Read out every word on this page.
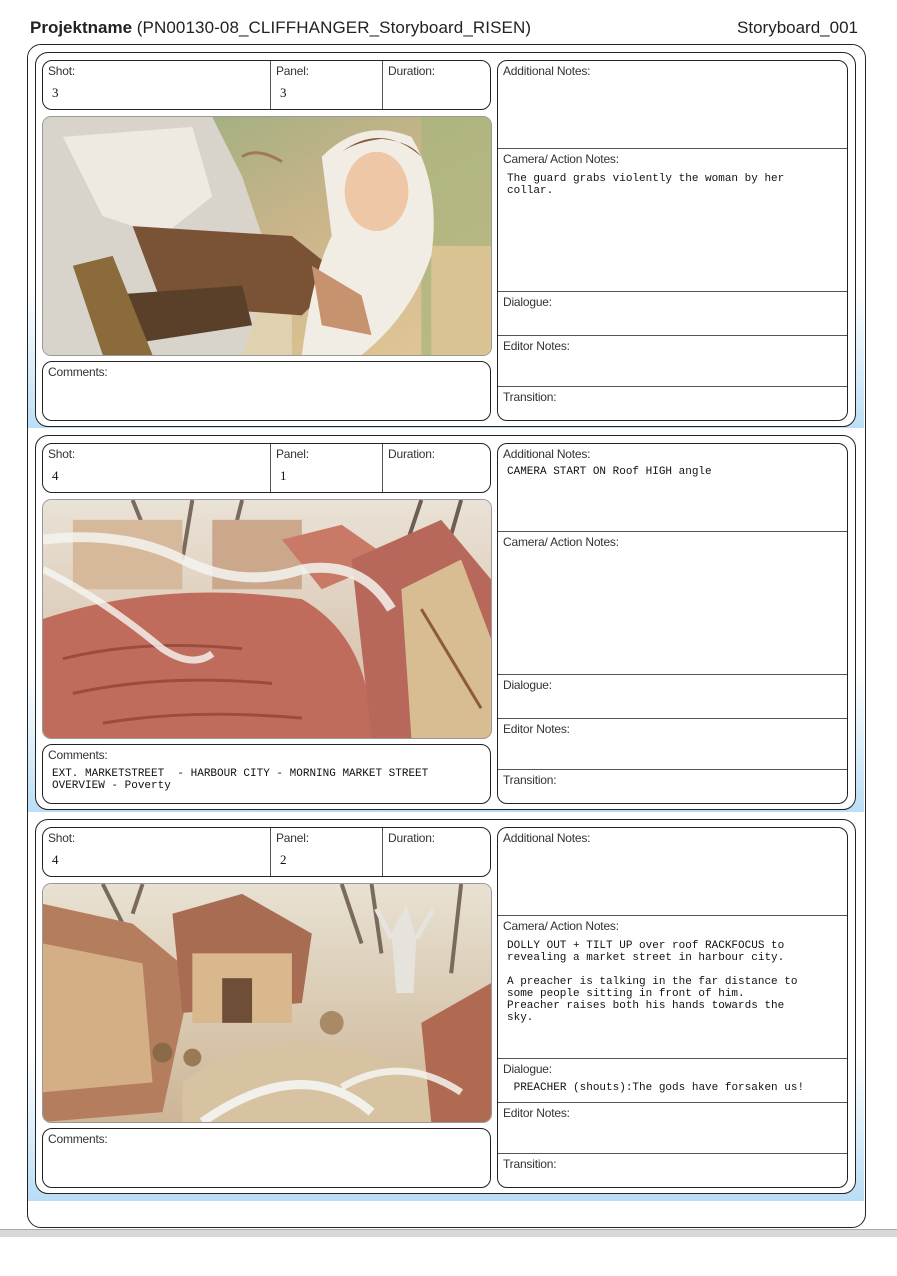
Projektname (PN00130-08_CLIFFHANGER_Storyboard_RISEN)	Storyboard_001
Shot:
3
Panel:
3
Duration:
Comments:
Additional Notes:
Camera/ Action Notes:
The guard grabs violently the woman by her
collar.
Dialogue:
Editor Notes:
Transition:
Shot:
4
Panel:
1
Duration:
Comments:
EXT. MARKETSTREET  - HARBOUR CITY - MORNING MARKET STREET
OVERVIEW - Poverty
Additional Notes:
CAMERA START ON Roof HIGH angle
Camera/ Action Notes:
Dialogue:
Editor Notes:
Transition:
Shot:
4
Panel:
2
Duration:
Comments:
Additional Notes:
Camera/ Action Notes:
DOLLY OUT + TILT UP over roof RACKFOCUS to
revealing a market street in harbour city.

A preacher is talking in the far distance to
some people sitting in front of him.
Preacher raises both his hands towards the
sky.
Dialogue:
PREACHER (shouts):The gods have forsaken us!
Editor Notes:
Transition:
